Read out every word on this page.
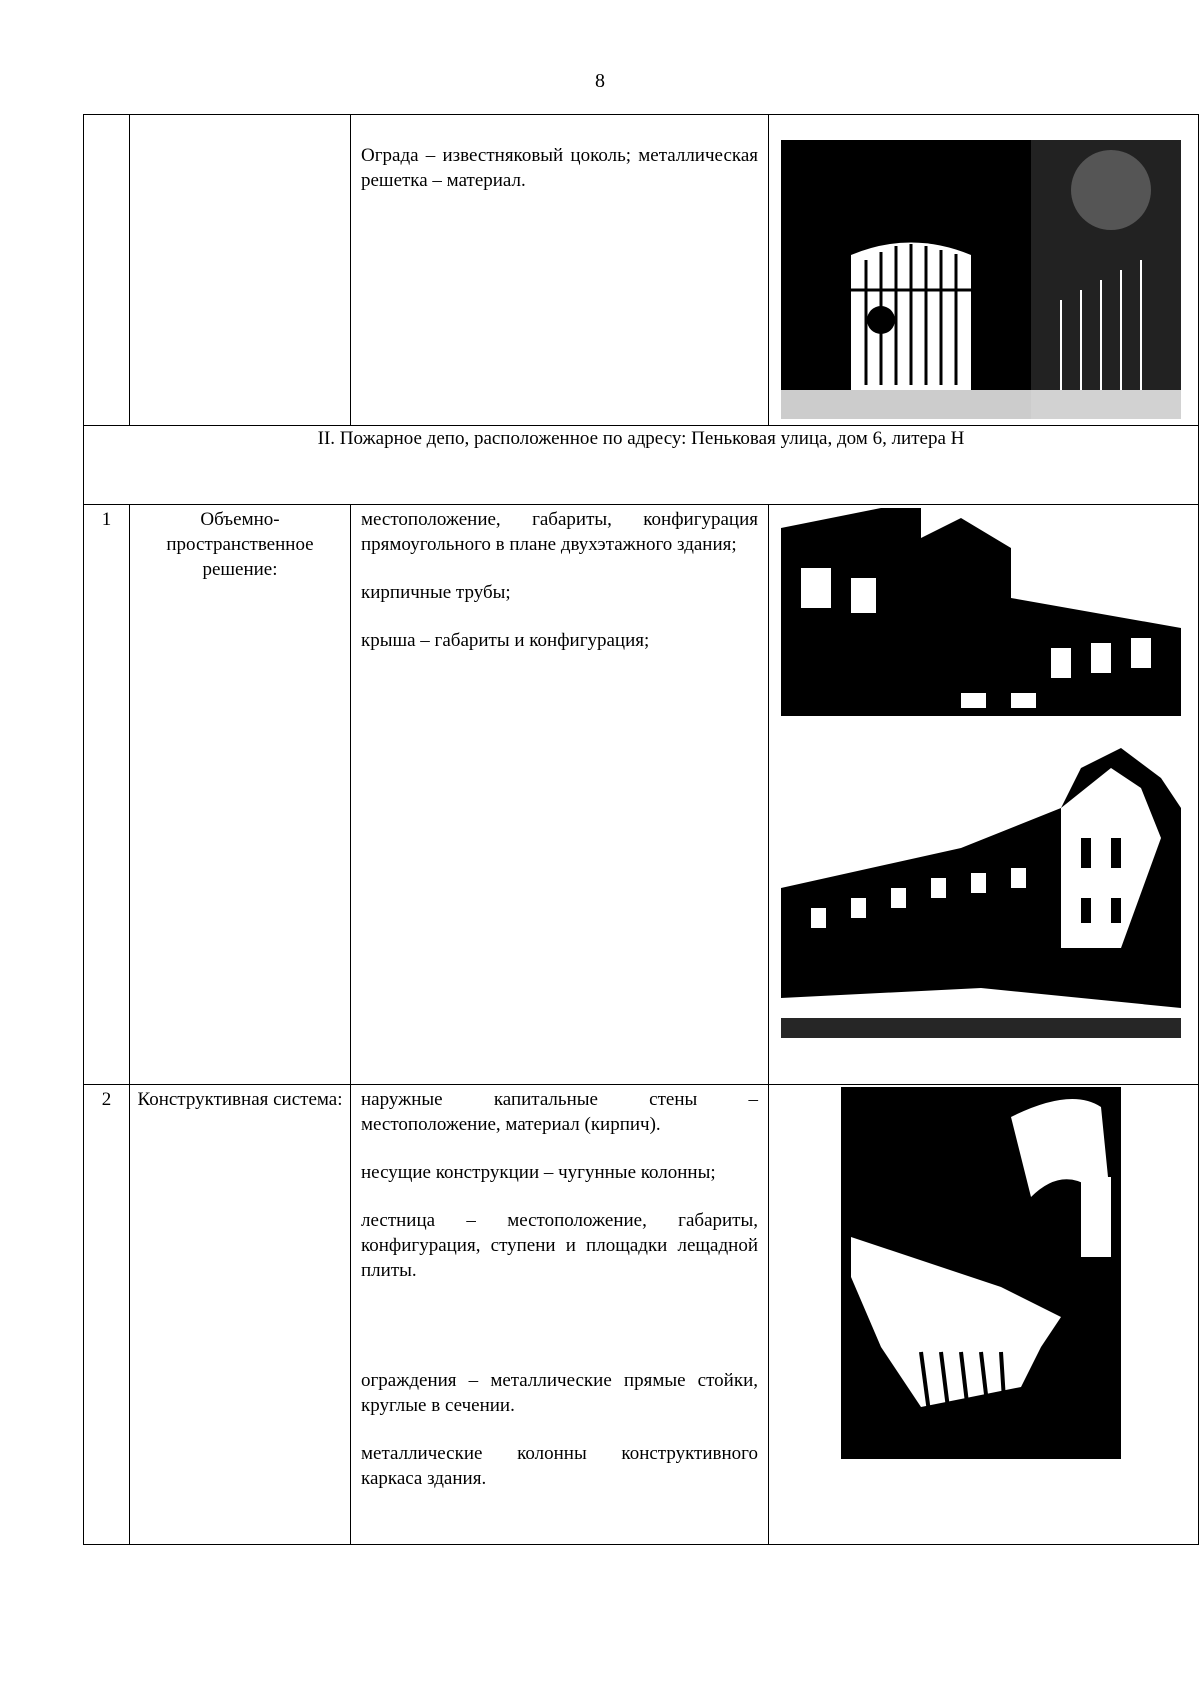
8

		Ограда – известняковый цоколь; металлическая решетка – материал.

II. Пожарное депо, расположенное по адресу: Пеньковая улица, дом 6, литера Н			
1	Объемно-пространственное решение:	местоположение, габариты, конфигурация прямоугольного в плане двухэтажного здания;
кирпичные трубы;
крыша – габариты и конфигурация;

2	Конструктивная система:	наружные капитальные стены – местоположение, материал (кирпич).
несущие конструкции – чугунные колонны;
лестница – местоположение, габариты, конфигурация, ступени и площадки лещадной плиты.
ограждения – металлические прямые стойки, круглые в сечении.
металлические колонны конструктивного каркаса здания.
